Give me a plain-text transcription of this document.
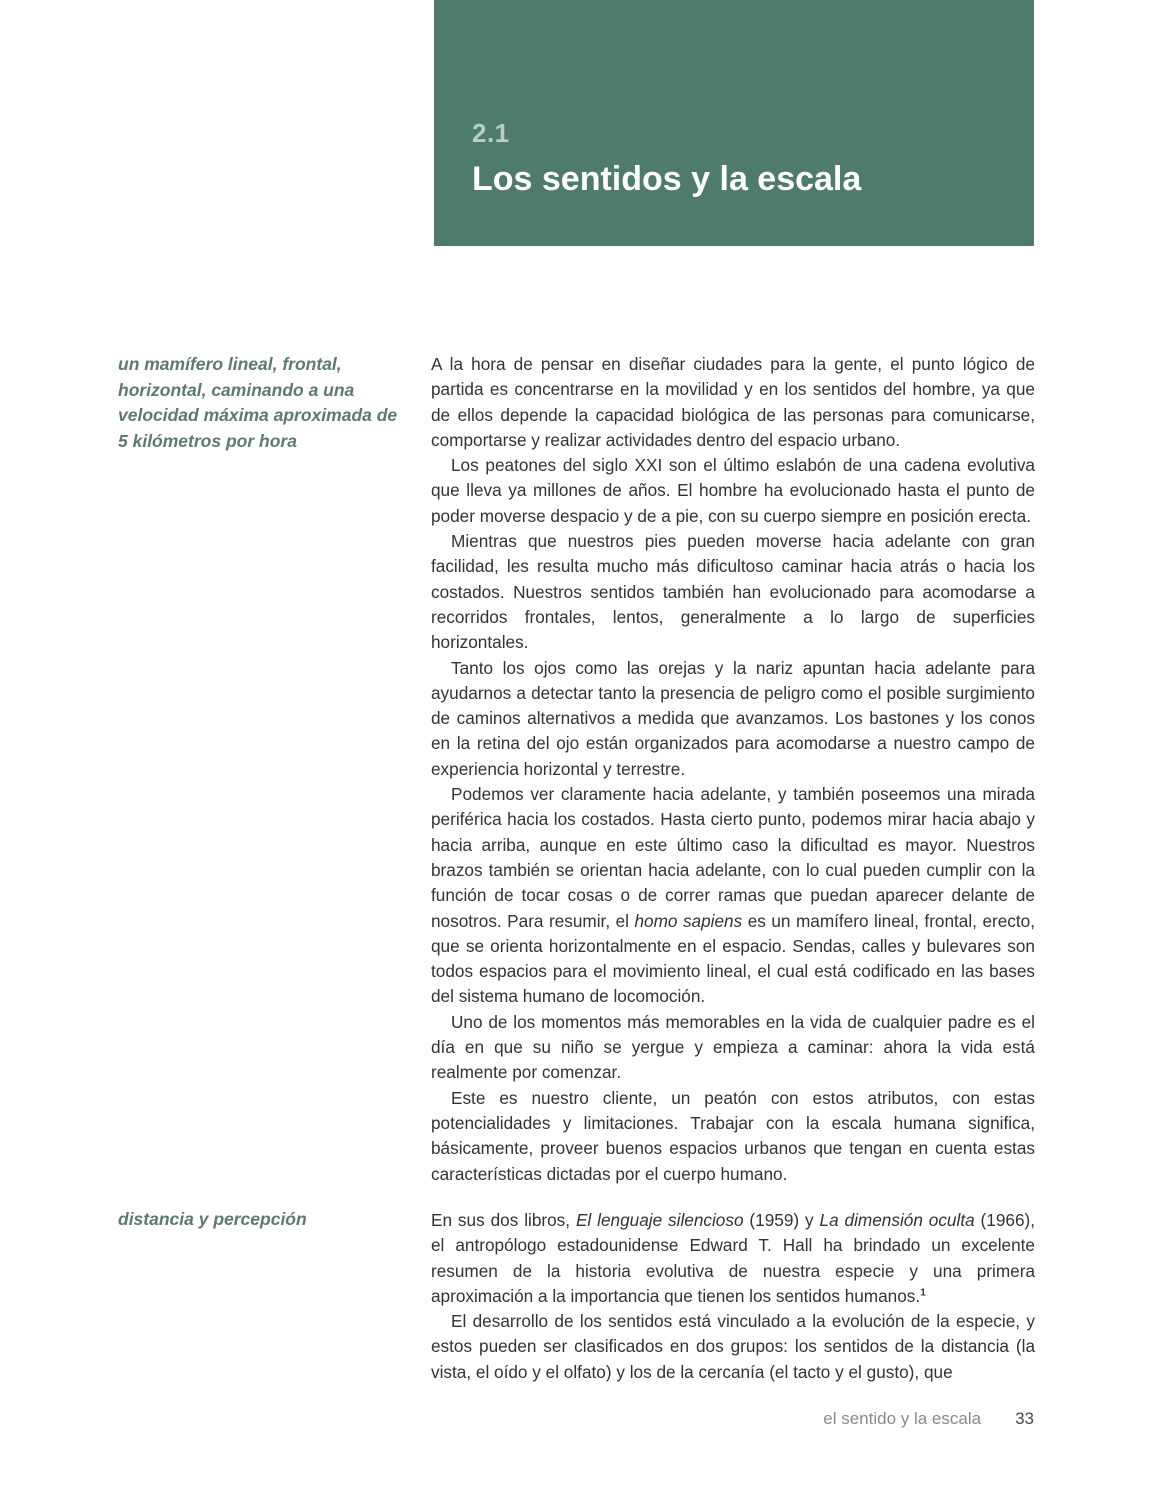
2.1
Los sentidos y la escala
un mamífero lineal, frontal, horizontal, caminando a una velocidad máxima aproximada de 5 kilómetros por hora

A la hora de pensar en diseñar ciudades para la gente, el punto lógico de partida es concentrarse en la movilidad y en los sentidos del hombre, ya que de ellos depende la capacidad biológica de las personas para comunicarse, comportarse y realizar actividades dentro del espacio urbano.

Los peatones del siglo XXI son el último eslabón de una cadena evolutiva que lleva ya millones de años. El hombre ha evolucionado hasta el punto de poder moverse despacio y de a pie, con su cuerpo siempre en posición erecta.

Mientras que nuestros pies pueden moverse hacia adelante con gran facilidad, les resulta mucho más dificultoso caminar hacia atrás o hacia los costados. Nuestros sentidos también han evolucionado para acomodarse a recorridos frontales, lentos, generalmente a lo largo de superficies horizontales.

Tanto los ojos como las orejas y la nariz apuntan hacia adelante para ayudarnos a detectar tanto la presencia de peligro como el posible surgimiento de caminos alternativos a medida que avanzamos. Los bastones y los conos en la retina del ojo están organizados para acomodarse a nuestro campo de experiencia horizontal y terrestre.

Podemos ver claramente hacia adelante, y también poseemos una mirada periférica hacia los costados. Hasta cierto punto, podemos mirar hacia abajo y hacia arriba, aunque en este último caso la dificultad es mayor. Nuestros brazos también se orientan hacia adelante, con lo cual pueden cumplir con la función de tocar cosas o de correr ramas que puedan aparecer delante de nosotros. Para resumir, el homo sapiens es un mamífero lineal, frontal, erecto, que se orienta horizontalmente en el espacio. Sendas, calles y bulevares son todos espacios para el movimiento lineal, el cual está codificado en las bases del sistema humano de locomoción.

Uno de los momentos más memorables en la vida de cualquier padre es el día en que su niño se yergue y empieza a caminar: ahora la vida está realmente por comenzar.

Este es nuestro cliente, un peatón con estos atributos, con estas potencialidades y limitaciones. Trabajar con la escala humana significa, básicamente, proveer buenos espacios urbanos que tengan en cuenta estas características dictadas por el cuerpo humano.

distancia y percepción	En sus dos libros, El lenguaje silencioso (1959) y La dimensión oculta (1966), el antropólogo estadounidense Edward T. Hall ha brindado un excelente resumen de la historia evolutiva de nuestra especie y una primera aproximación a la importancia que tienen los sentidos humanos.$^1$

El desarrollo de los sentidos está vinculado a la evolución de la especie, y estos pueden ser clasificados en dos grupos: los sentidos de la distancia (la vista, el oído y el olfato) y los de la cercanía (el tacto y el gusto), que

el sentido y la escala 33
